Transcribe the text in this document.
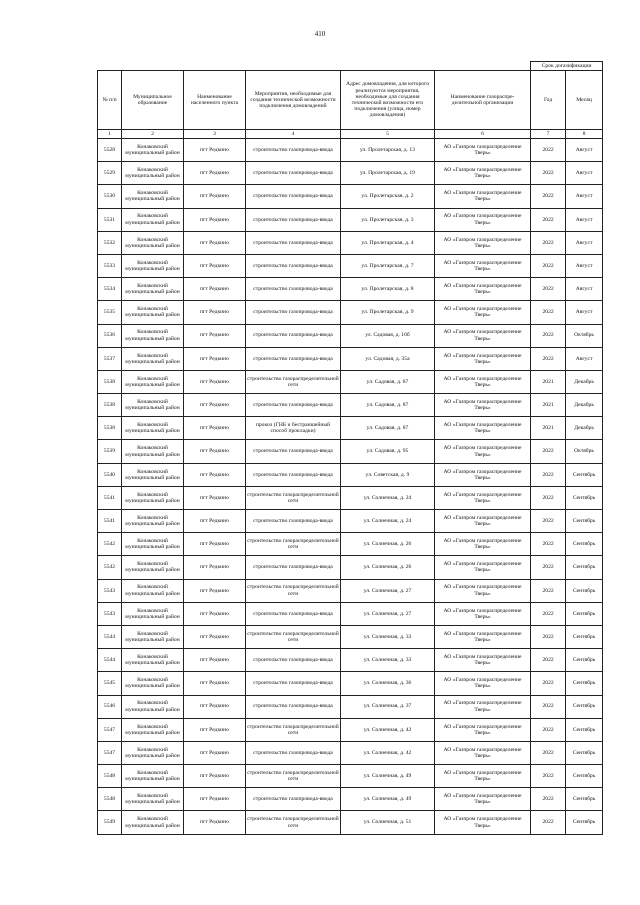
410
						Срок догазификации	
№ п/п	Муниципальное образование	Наименование населенного пункта	Мероприятия, необходимые для создания технической возможности подключения домовладений	Адрес домовладения, для которого реализуются мероприятия, необходимые для создания технической возможности его подключения (улица, номер домовладения)	Наименование газораспре-делительной организации	Год	Месяц
1	2	3	4	5	6	7	8
5528	Конаковский муниципальный район	пгт Редкино	строительство газопровода-ввода	ул. Пролетарская, д. 13	АО «Газпром газораспределение Тверь»	2022	Август
5529	Конаковский муниципальный район	пгт Редкино	строительство газопровода-ввода	ул. Пролетарская, д. 19	АО «Газпром газораспределение Тверь»	2022	Август
5530	Конаковский муниципальный район	пгт Редкино	строительство газопровода-ввода	ул. Пролетарская, д. 2	АО «Газпром газораспределение Тверь»	2022	Август
5531	Конаковский муниципальный район	пгт Редкино	строительство газопровода-ввода	ул. Пролетарская, д. 3	АО «Газпром газораспределение Тверь»	2022	Август
5532	Конаковский муниципальный район	пгт Редкино	строительство газопровода-ввода	ул. Пролетарская, д. 4	АО «Газпром газораспределение Тверь»	2022	Август
5533	Конаковский муниципальный район	пгт Редкино	строительство газопровода-ввода	ул. Пролетарская, д. 7	АО «Газпром газораспределение Тверь»	2022	Август
5534	Конаковский муниципальный район	пгт Редкино	строительство газопровода-ввода	ул. Пролетарская, д. 8	АО «Газпром газораспределение Тверь»	2022	Август
5535	Конаковский муниципальный район	пгт Редкино	строительство газопровода-ввода	ул. Пролетарская, д. 9	АО «Газпром газораспределение Тверь»	2022	Август
5536	Конаковский муниципальный район	пгт Редкино	строительство газопровода-ввода	ул. Садовая, д. 16б	АО «Газпром газораспределение Тверь»	2022	Октябрь
5537	Конаковский муниципальный район	пгт Редкино	строительство газопровода-ввода	ул. Садовая, д. 35а	АО «Газпром газораспределение Тверь»	2022	Август
5538	Конаковский муниципальный район	пгт Редкино	строительство газораспределительной сети	ул. Садовая, д. 87	АО «Газпром газораспределение Тверь»	2021	Декабрь
5538	Конаковский муниципальный район	пгт Редкино	строительство газопровода-ввода	ул. Садовая, д. 87	АО «Газпром газораспределение Тверь»	2021	Декабрь
5538	Конаковский муниципальный район	пгт Редкино	прокол (ГНБ и бестраншейный способ прокладки)	ул. Садовая, д. 87	АО «Газпром газораспределение Тверь»	2021	Декабрь
5539	Конаковский муниципальный район	пгт Редкино	строительство газопровода-ввода	ул. Садовая, д. 95	АО «Газпром газораспределение Тверь»	2022	Октябрь
5540	Конаковский муниципальный район	пгт Редкино	строительство газопровода-ввода	ул. Советская, д. 9	АО «Газпром газораспределение Тверь»	2022	Сентябрь
5541	Конаковский муниципальный район	пгт Редкино	строительство газораспределительной сети	ул. Солнечная, д. 24	АО «Газпром газораспределение Тверь»	2022	Сентябрь
5541	Конаковский муниципальный район	пгт Редкино	строительство газопровода-ввода	ул. Солнечная, д. 24	АО «Газпром газораспределение Тверь»	2022	Сентябрь
5542	Конаковский муниципальный район	пгт Редкино	строительство газораспределительной сети	ул. Солнечная, д. 26	АО «Газпром газораспределение Тверь»	2022	Сентябрь
5542	Конаковский муниципальный район	пгт Редкино	строительство газопровода-ввода	ул. Солнечная, д. 26	АО «Газпром газораспределение Тверь»	2022	Сентябрь
5543	Конаковский муниципальный район	пгт Редкино	строительство газораспределительной сети	ул. Солнечная, д. 27	АО «Газпром газораспределение Тверь»	2022	Сентябрь
5543	Конаковский муниципальный район	пгт Редкино	строительство газопровода-ввода	ул. Солнечная, д. 27	АО «Газпром газораспределение Тверь»	2022	Сентябрь
5544	Конаковский муниципальный район	пгт Редкино	строительство газораспределительной сети	ул. Солнечная, д. 33	АО «Газпром газораспределение Тверь»	2022	Сентябрь
5544	Конаковский муниципальный район	пгт Редкино	строительство газопровода-ввода	ул. Солнечная, д. 33	АО «Газпром газораспределение Тверь»	2022	Сентябрь
5545	Конаковский муниципальный район	пгт Редкино	строительство газопровода-ввода	ул. Солнечная, д. 36	АО «Газпром газораспределение Тверь»	2022	Сентябрь
5546	Конаковский муниципальный район	пгт Редкино	строительство газопровода-ввода	ул. Солнечная, д. 37	АО «Газпром газораспределение Тверь»	2022	Сентябрь
5547	Конаковский муниципальный район	пгт Редкино	строительство газораспределительной сети	ул. Солнечная, д. 42	АО «Газпром газораспределение Тверь»	2022	Сентябрь
5547	Конаковский муниципальный район	пгт Редкино	строительство газопровода-ввода	ул. Солнечная, д. 42	АО «Газпром газораспределение Тверь»	2022	Сентябрь
5548	Конаковский муниципальный район	пгт Редкино	строительство газораспределительной сети	ул. Солнечная, д. 49	АО «Газпром газораспределение Тверь»	2022	Сентябрь
5548	Конаковский муниципальный район	пгт Редкино	строительство газопровода-ввода	ул. Солнечная, д. 49	АО «Газпром газораспределение Тверь»	2022	Сентябрь
5549	Конаковский муниципальный район	пгт Редкино	строительство газораспределительной сети	ул. Солнечная, д. 51	АО «Газпром газораспределение Тверь»	2022	Сентябрь
